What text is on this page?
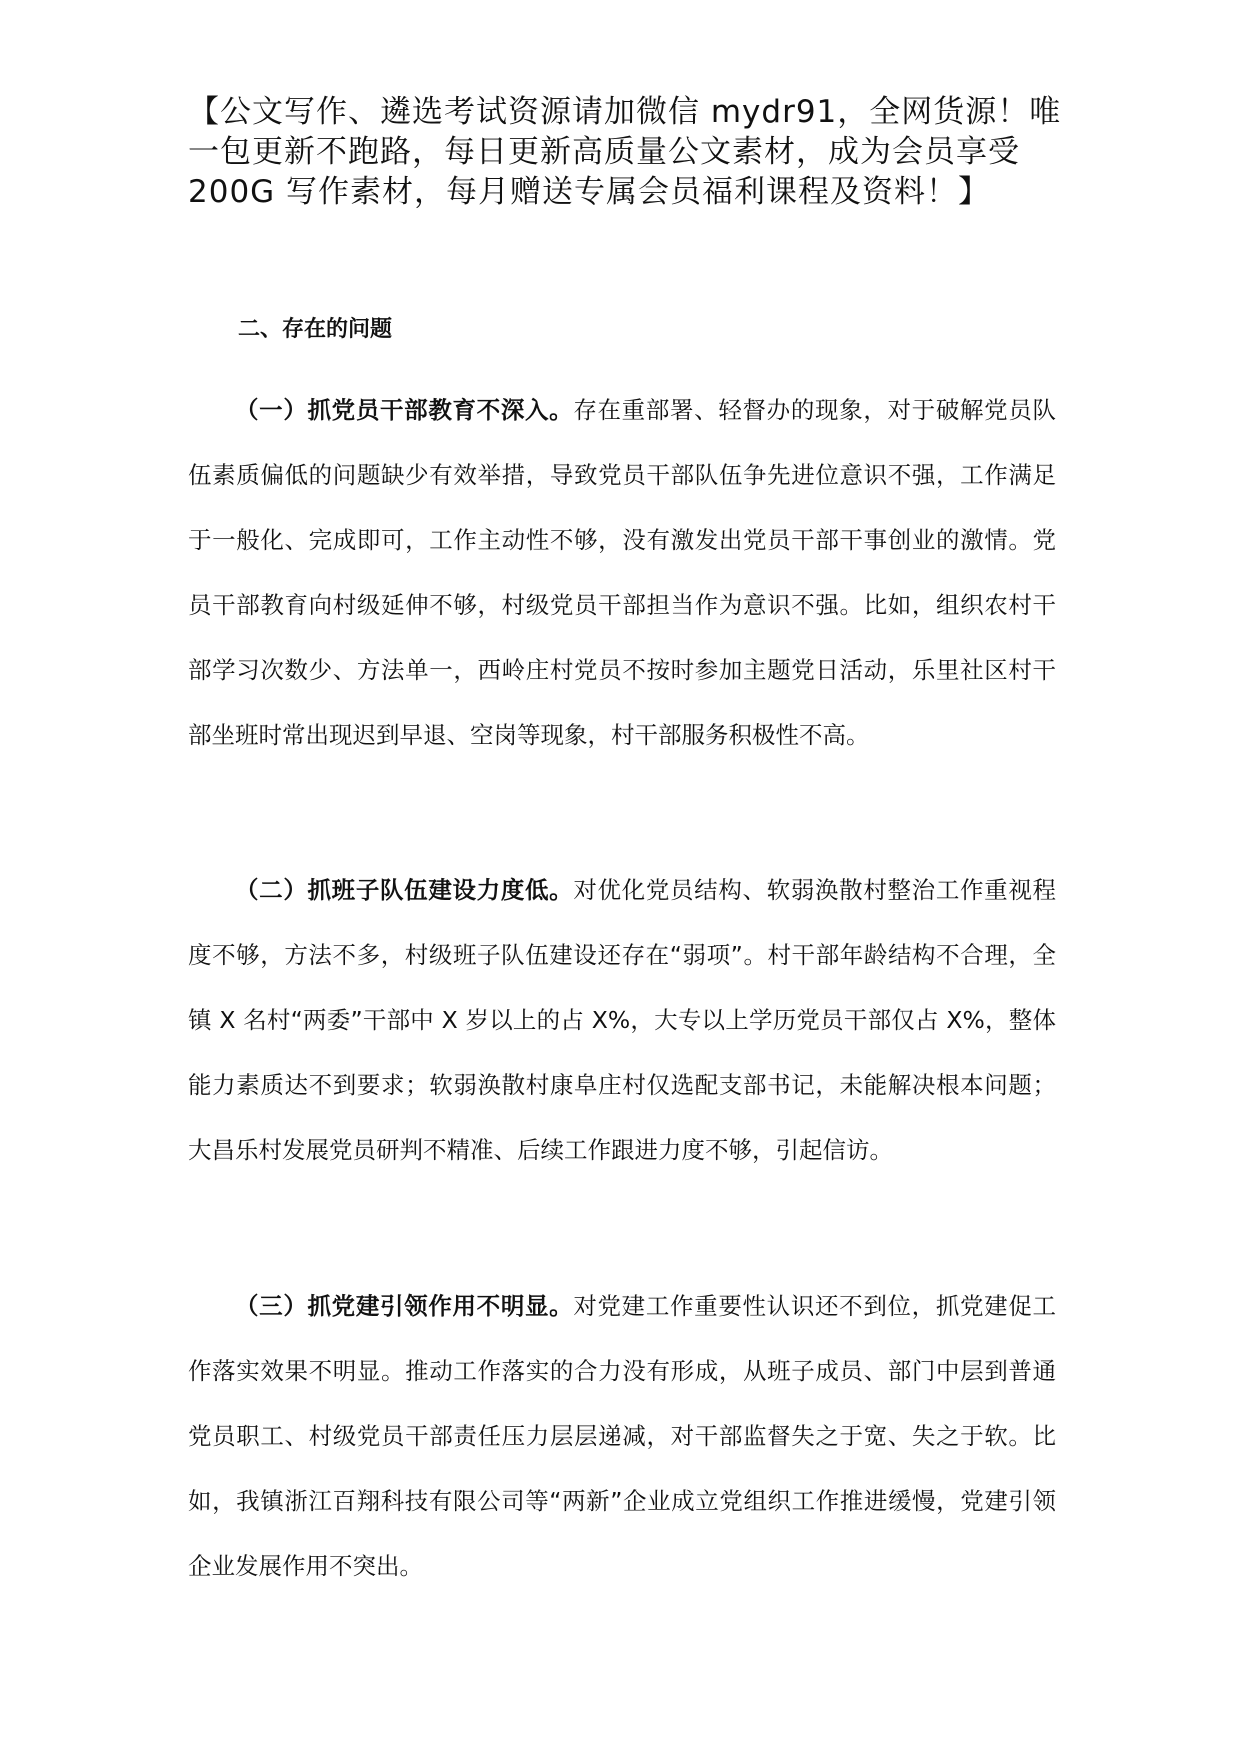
【公文写作、遴选考试资源请加微信 mydr91，全网货源！唯一包更新不跑路，每日更新高质量公文素材，成为会员享受 200G 写作素材，每月赠送专属会员福利课程及资料！】

二、存在的问题

（一）抓党员干部教育不深入。存在重部署、轻督办的现象，对于破解党员队伍素质偏低的问题缺少有效举措，导致党员干部队伍争先进位意识不强，工作满足于一般化、完成即可，工作主动性不够，没有激发出党员干部干事创业的激情。党员干部教育向村级延伸不够，村级党员干部担当作为意识不强。比如，组织农村干部学习次数少、方法单一，西岭庄村党员不按时参加主题党日活动，乐里社区村干部坐班时常出现迟到早退、空岗等现象，村干部服务积极性不高。

（二）抓班子队伍建设力度低。对优化党员结构、软弱涣散村整治工作重视程度不够，方法不多，村级班子队伍建设还存在“弱项”。村干部年龄结构不合理，全镇 X 名村“两委”干部中 X 岁以上的占 X%，大专以上学历党员干部仅占 X%，整体能力素质达不到要求；软弱涣散村康阜庄村仅选配支部书记，未能解决根本问题；大昌乐村发展党员研判不精准、后续工作跟进力度不够，引起信访。

（三）抓党建引领作用不明显。对党建工作重要性认识还不到位，抓党建促工作落实效果不明显。推动工作落实的合力没有形成，从班子成员、部门中层到普通党员职工、村级党员干部责任压力层层递减，对干部监督失之于宽、失之于软。比如，我镇浙江百翔科技有限公司等“两新”企业成立党组织工作推进缓慢，党建引领企业发展作用不突出。
